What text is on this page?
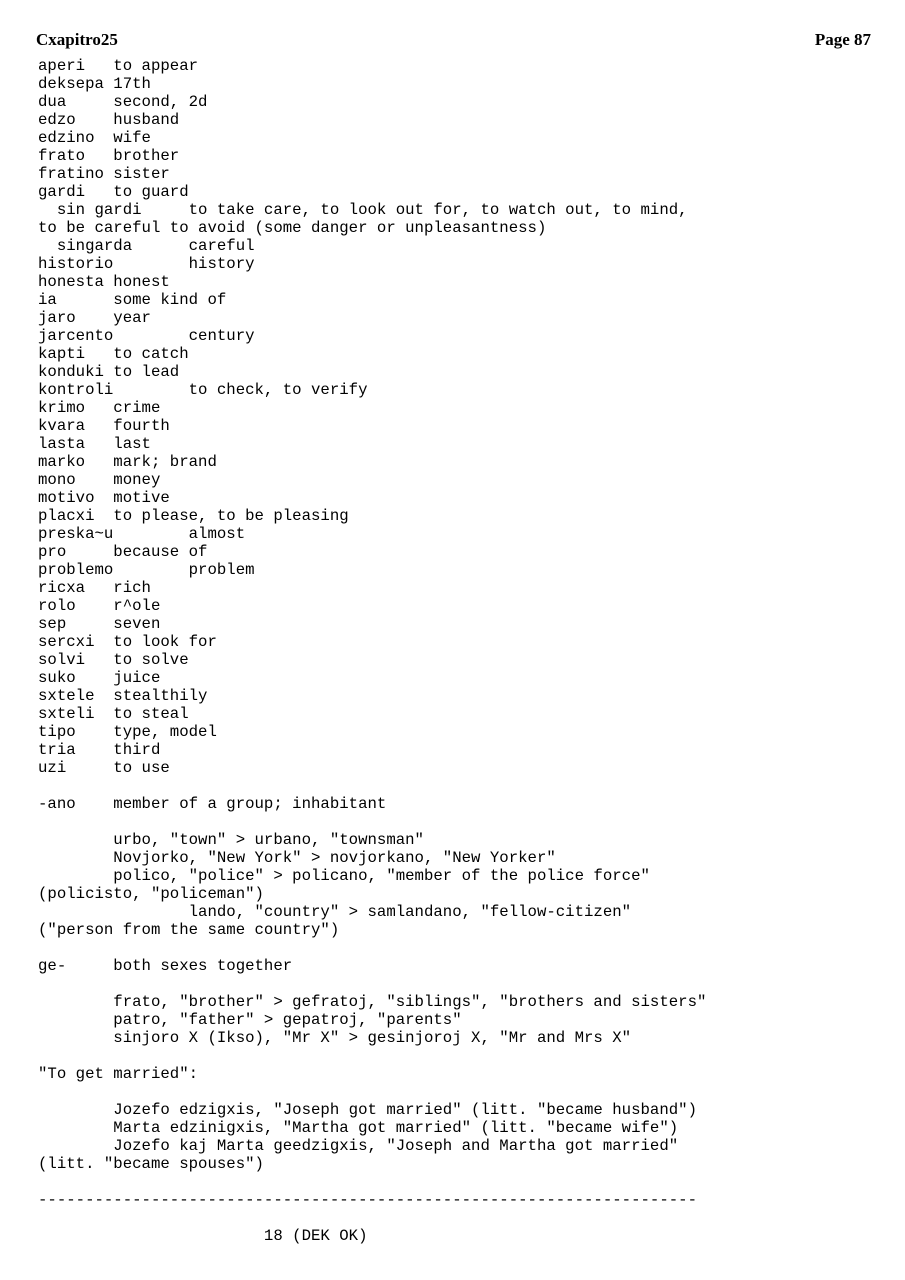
Cxapitro25	Page 87
aperi   to appear
deksepa 17th
dua     second, 2d
edzo    husband
edzino  wife
frato   brother
fratino sister
gardi   to guard
sin gardi     to take care, to look out for, to watch out, to mind,
to be careful to avoid (some danger or unpleasantness)
singarda      careful
historio        history
honesta honest
ia      some kind of
jaro    year
jarcento        century
kapti   to catch
konduki to lead
kontroli        to check, to verify
krimo   crime
kvara   fourth
lasta   last
marko   mark; brand
mono    money
motivo  motive
placxi  to please, to be pleasing
preska~u        almost
pro     because of
problemo        problem
ricxa   rich
rolo    r^ole
sep     seven
sercxi  to look for
solvi   to solve
suko    juice
sxtele  stealthily
sxteli  to steal
tipo    type, model
tria    third
uzi     to use
-ano    member of a group; inhabitant
urbo, "town" > urbano, "townsman"
Novjorko, "New York" > novjorkano, "New Yorker"
polico, "police" > policano, "member of the police force"
(policisto, "policeman")
lando, "country" > samlandano, "fellow-citizen"
("person from the same country")
ge-     both sexes together
frato, "brother" > gefratoj, "siblings", "brothers and sisters"
patro, "father" > gepatroj, "parents"
sinjoro X (Ikso), "Mr X" > gesinjoroj X, "Mr and Mrs X"
"To get married":
Jozefo edzigxis, "Joseph got married" (litt. "became husband")
Marta edzinigxis, "Martha got married" (litt. "became wife")
Jozefo kaj Marta geedzigxis, "Joseph and Martha got married"
(litt. "became spouses")
----------------------------------------------------------------------
18 (DEK OK)
